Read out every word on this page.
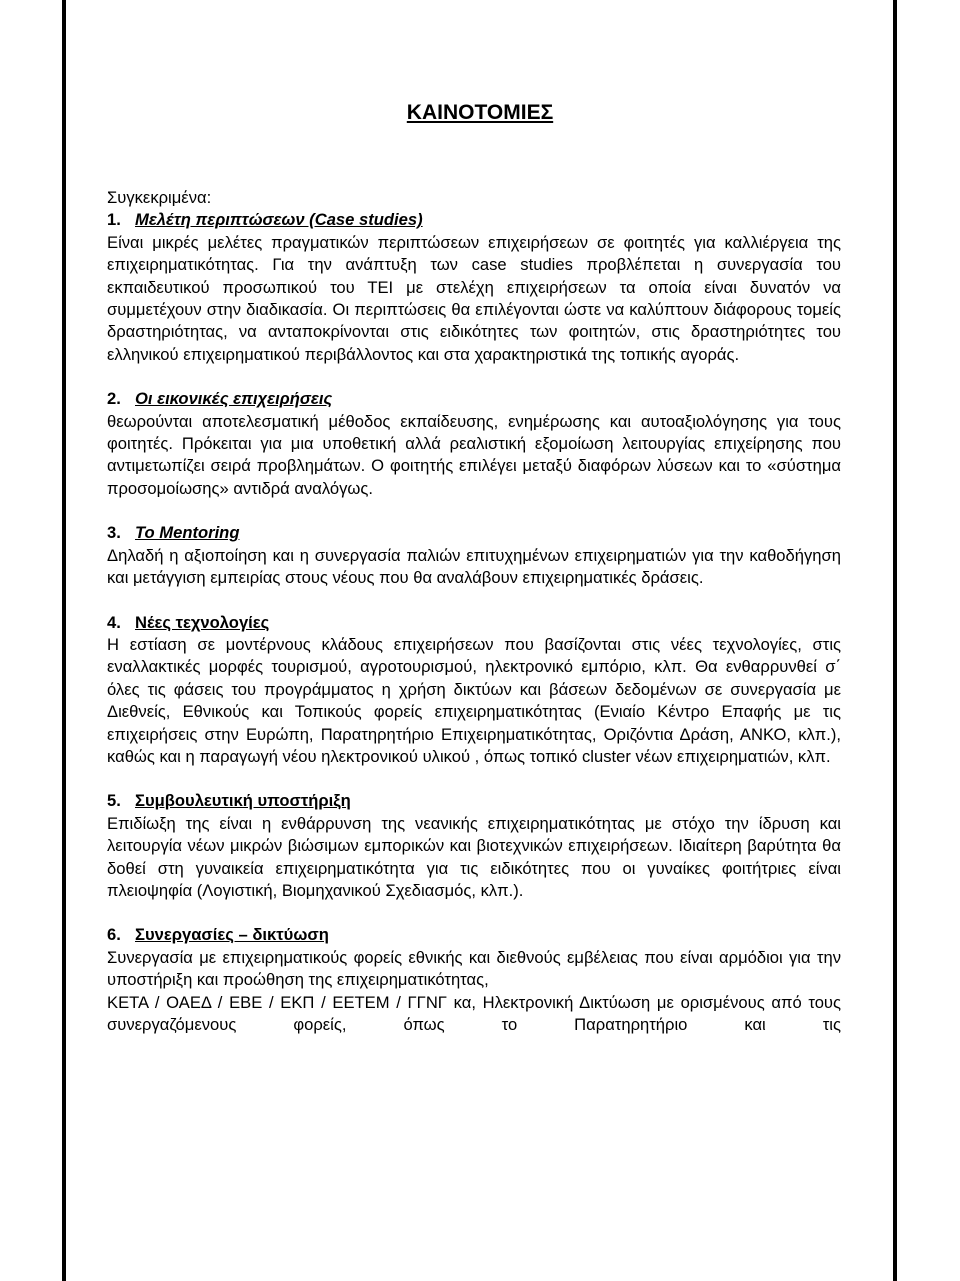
ΚΑΙΝΟΤΟΜΙΕΣ

Συγκεκριμένα:

1. Μελέτη περιπτώσεων (Case studies)

Είναι μικρές μελέτες πραγματικών περιπτώσεων επιχειρήσεων σε φοιτητές για καλλιέργεια της επιχειρηματικότητας. Για την ανάπτυξη των case studies προβλέπεται η συνεργασία του εκπαιδευτικού προσωπικού του ΤΕΙ με στελέχη επιχειρήσεων τα οποία είναι δυνατόν να συμμετέχουν στην διαδικασία. Οι περιπτώσεις θα επιλέγονται ώστε να καλύπτουν διάφορους τομείς δραστηριότητας, να ανταποκρίνονται στις ειδικότητες των φοιτητών, στις δραστηριότητες του ελληνικού επιχειρηματικού περιβάλλοντος και στα χαρακτηριστικά της τοπικής αγοράς.

2. Οι εικονικές επιχειρήσεις

θεωρούνται αποτελεσματική μέθοδος εκπαίδευσης, ενημέρωσης και αυτοαξιολόγησης για τους φοιτητές. Πρόκειται για μια υποθετική αλλά ρεαλιστική εξομοίωση λειτουργίας επιχείρησης που αντιμετωπίζει σειρά προβλημάτων. Ο φοιτητής επιλέγει μεταξύ διαφόρων λύσεων και το «σύστημα προσομοίωσης» αντιδρά αναλόγως.

3. Το Mentoring

Δηλαδή η αξιοποίηση και η συνεργασία παλιών επιτυχημένων επιχειρηματιών για την καθοδήγηση και μετάγγιση εμπειρίας στους νέους που θα αναλάβουν επιχειρηματικές δράσεις.

4. Νέες τεχνολογίες

Η εστίαση σε μοντέρνους κλάδους επιχειρήσεων που βασίζονται στις νέες τεχνολογίες, στις εναλλακτικές μορφές τουρισμού, αγροτουρισμού, ηλεκτρονικό εμπόριο, κλπ. Θα ενθαρρυνθεί σ΄ όλες τις φάσεις του προγράμματος η χρήση δικτύων και βάσεων δεδομένων σε συνεργασία με Διεθνείς, Εθνικούς και Τοπικούς φορείς επιχειρηματικότητας (Ενιαίο Κέντρο Επαφής με τις επιχειρήσεις στην Ευρώπη, Παρατηρητήριο Επιχειρηματικότητας, Οριζόντια Δράση, ΑΝΚΟ, κλπ.), καθώς και η παραγωγή νέου ηλεκτρονικού υλικού , όπως τοπικό cluster νέων επιχειρηματιών, κλπ.

5. Συμβουλευτική υποστήριξη

Επιδίωξη της είναι η ενθάρρυνση της νεανικής επιχειρηματικότητας με στόχο την ίδρυση και λειτουργία νέων μικρών βιώσιμων εμπορικών και βιοτεχνικών επιχειρήσεων. Ιδιαίτερη βαρύτητα θα δοθεί στη γυναικεία επιχειρηματικότητα για τις ειδικότητες που οι γυναίκες φοιτήτριες είναι πλειοψηφία (Λογιστική, Βιομηχανικού Σχεδιασμός, κλπ.).

6. Συνεργασίες – δικτύωση

Συνεργασία με επιχειρηματικούς φορείς εθνικής και διεθνούς εμβέλειας που είναι αρμόδιοι για την υποστήριξη και προώθηση της επιχειρηματικότητας,

ΚΕΤΑ / ΟΑΕΔ / ΕΒΕ / ΕΚΠ / ΕΕΤΕΜ / ΓΓΝΓ κα, Ηλεκτρονική Δικτύωση με ορισμένους από τους συνεργαζόμενους φορείς, όπως το Παρατηρητήριο και τις
